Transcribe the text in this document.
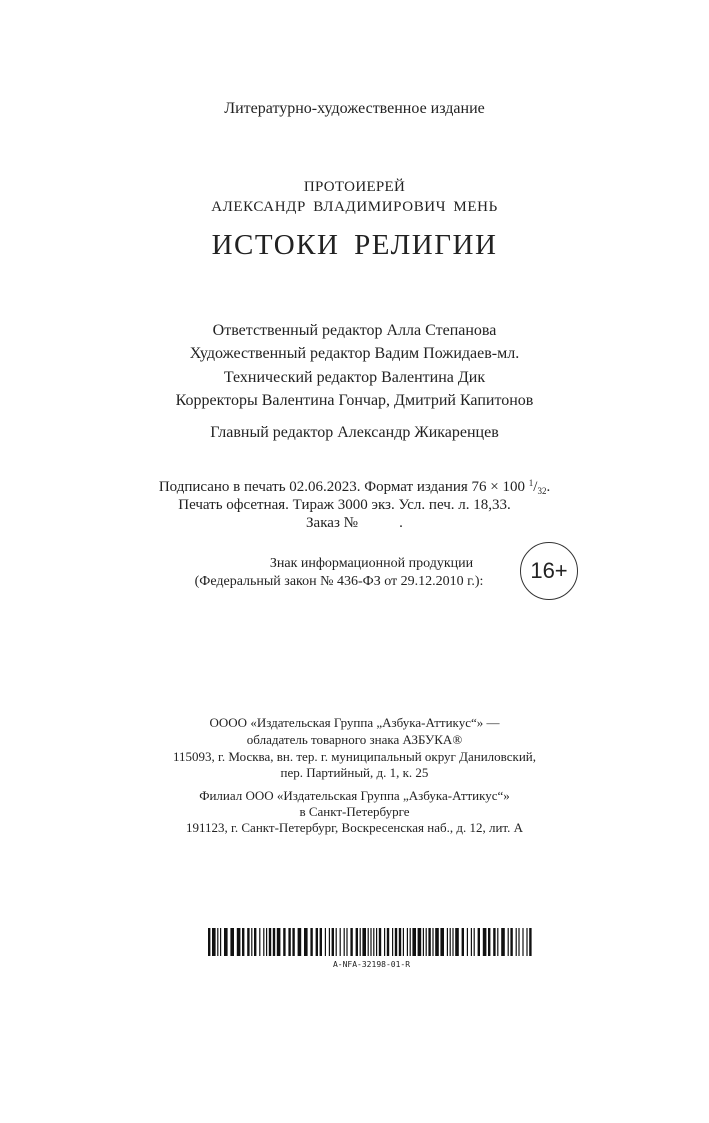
Литературно-художественное издание
ПРОТОИЕРЕЙ
АЛЕКСАНДР ВЛАДИМИРОВИЧ МЕНЬ
ИСТОКИ РЕЛИГИИ
Ответственный редактор Алла Степанова
Художественный редактор Вадим Пожидаев-мл.
Технический редактор Валентина Дик
Корректоры Валентина Гончар, Дмитрий Капитонов
Главный редактор Александр Жикаренцев
Подписано в печать 02.06.2023. Формат издания 76 × 100 $^1/_{32}$.
Печать офсетная. Тираж 3000 экз. Усл. печ. л. 18,33.
Заказ №           .
Знак информационной продукции
(Федеральный закон № 436-ФЗ от 29.12.2010 г.):	16+
ОООО «Издательская Группа „Азбука-Аттикус“» —
обладатель товарного знака АЗБУКА®
115093, г. Москва, вн. тер. г. муниципальный округ Даниловский,
пер. Партийный, д. 1, к. 25
Филиал ООО «Издательская Группа „Азбука-Аттикус“»
в Санкт-Петербурге
191123, г. Санкт-Петербург, Воскресенская наб., д. 12, лит. А
A-NFA-32198-01-R
